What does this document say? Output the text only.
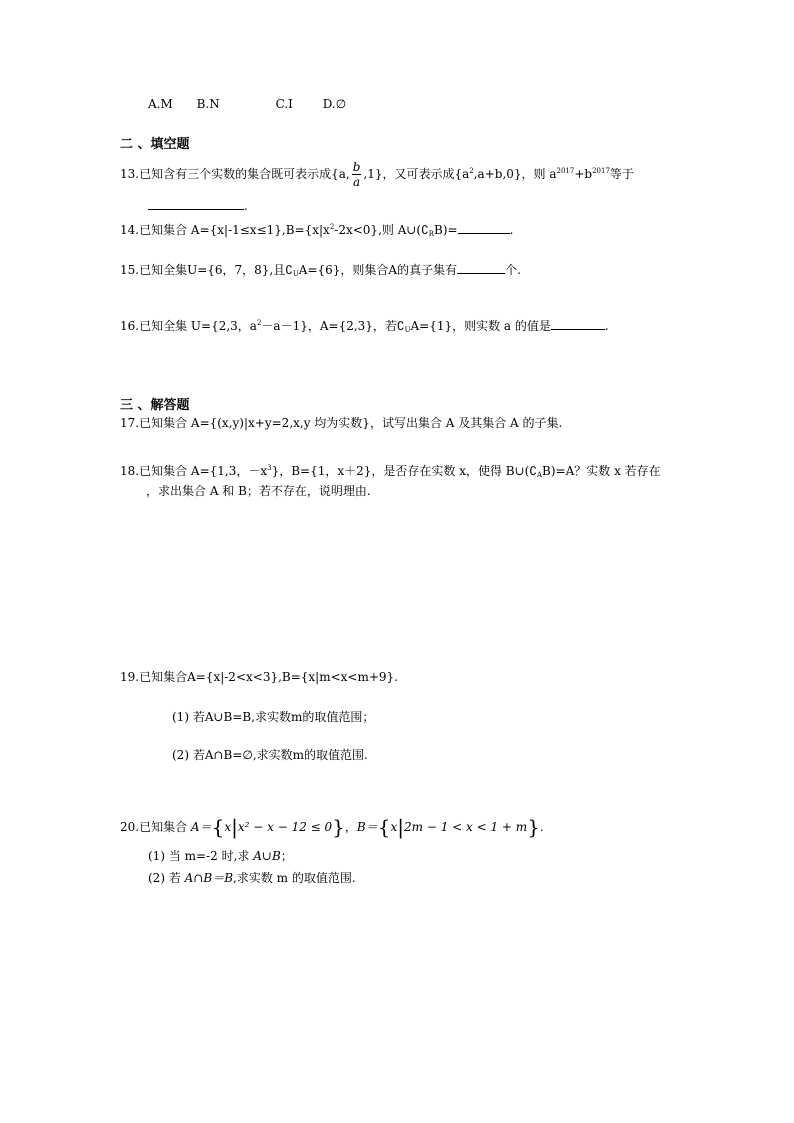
A.M B.N	C.I D.∅
二 、填空题
13.已知含有三个实数的集合既可表示成{a, $\frac{b}{a} ,1$}，又可表示成$\{a^2,a+b,0\}$，则 $a^{2017}+b^{2017}$等于
.
14.已知集合 $A=\{x|-1\le x\le 1\},B=\{x|x^2-2x<0\}$,则 $A\cup(∁_RB)=$	.
15.已知全集U={6，7，8},且$∁_UA=\{6\}$，则集合A的真子集有	个.
16.已知全集 U={2,3，$a^2-a-1$}，A={2,3}，若$∁_UA=\{1\}$，则实数 a 的值是	.
三 、解答题
17.已知集合 A={(x,y)|x+y=2,x,y 均为实数}，试写出集合 A 及其集合 A 的子集.
18.已知集合 A={1,3，$-x^3$}，B={1，x＋2}，是否存在实数 x，使得 $B\cup(∁_AB)=A$？实数 x 若存在
，求出集合 A 和 B；若不存在，说明理由.
19.已知集合A={x|-2<x<3},B={x|m<x<m+9}.
(1) 若A∪B=B,求实数m的取值范围；
(2) 若A∩B=∅,求实数m的取值范围.
20.已知集合 A＝{x|x² − x − 12 ≤ 0}，B＝{x|2m − 1 < x < 1 + m}.
(1) 当 m=-2 时,求 A∪B；
(2) 若 A∩B＝B,求实数 m 的取值范围.
